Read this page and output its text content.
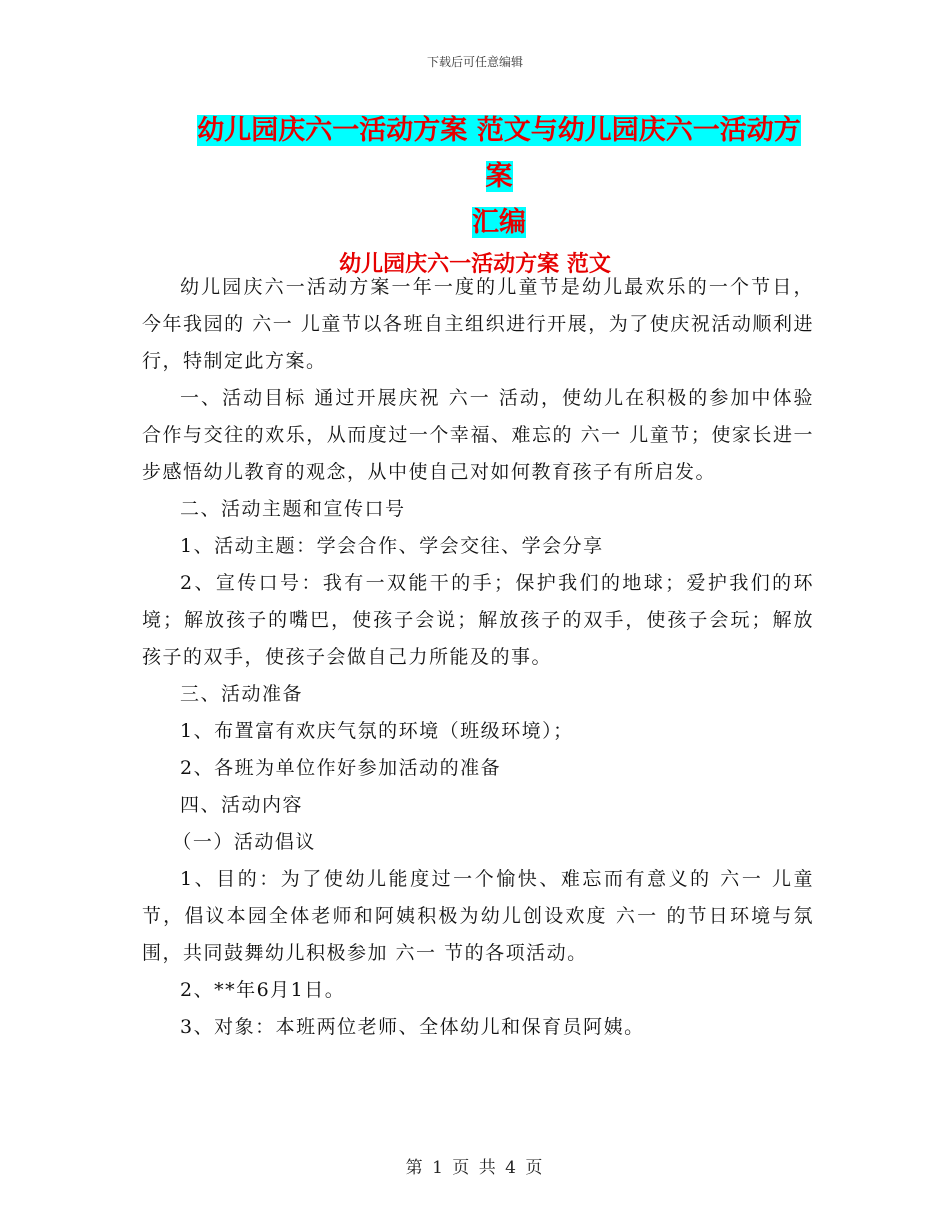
下载后可任意编辑
幼儿园庆六一活动方案 范文与幼儿园庆六一活动方案
汇编
幼儿园庆六一活动方案 范文

幼儿园庆六一活动方案一年一度的儿童节是幼儿最欢乐的一个节日，今年我园的 六一 儿童节以各班自主组织进行开展，为了使庆祝活动顺利进行，特制定此方案。

一、活动目标 通过开展庆祝 六一 活动，使幼儿在积极的参加中体验合作与交往的欢乐，从而度过一个幸福、难忘的 六一 儿童节；使家长进一步感悟幼儿教育的观念，从中使自己对如何教育孩子有所启发。

二、活动主题和宣传口号

1、活动主题：学会合作、学会交往、学会分享

2、宣传口号：我有一双能干的手；保护我们的地球；爱护我们的环境；解放孩子的嘴巴，使孩子会说；解放孩子的双手，使孩子会玩；解放孩子的双手，使孩子会做自己力所能及的事。

三、活动准备

1、布置富有欢庆气氛的环境（班级环境）；

2、各班为单位作好参加活动的准备

四、活动内容

（一）活动倡议

1、目的：为了使幼儿能度过一个愉快、难忘而有意义的 六一 儿童节，倡议本园全体老师和阿姨积极为幼儿创设欢度 六一 的节日环境与氛围，共同鼓舞幼儿积极参加 六一 节的各项活动。

2、**年6月1日。

3、对象：本班两位老师、全体幼儿和保育员阿姨。

第 1 页 共 4 页
